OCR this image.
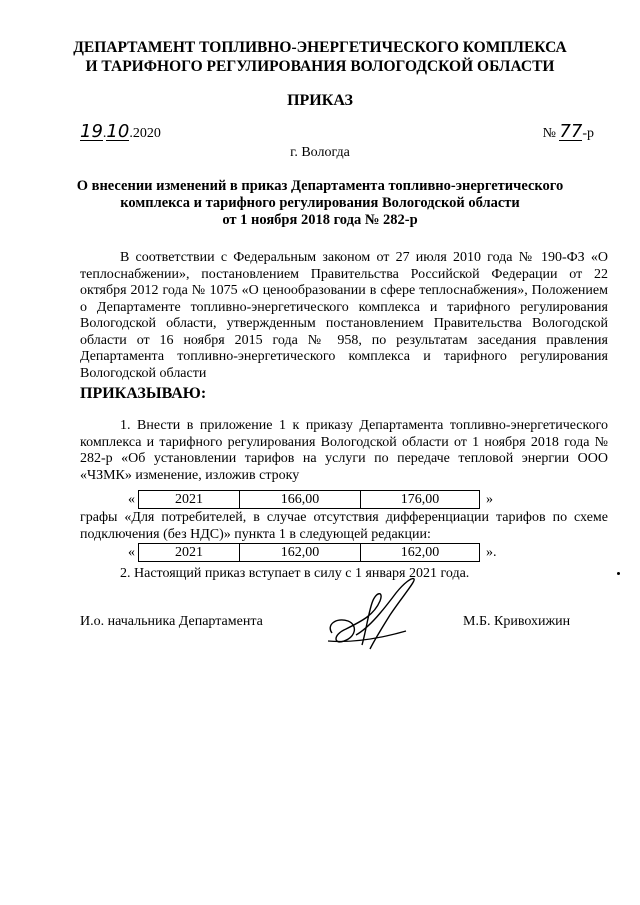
ДЕПАРТАМЕНТ ТОПЛИВНО-ЭНЕРГЕТИЧЕСКОГО КОМПЛЕКСА
И ТАРИФНОГО РЕГУЛИРОВАНИЯ ВОЛОГОДСКОЙ ОБЛАСТИ
ПРИКАЗ
19.10.2020	№ 77-р
г. Вологда
О внесении изменений в приказ Департамента топливно-энергетического
комплекса и тарифного регулирования Вологодской области
от 1 ноября 2018 года № 282-р
В соответствии с Федеральным законом от 27 июля 2010 года № 190-ФЗ «О теплоснабжении», постановлением Правительства Российской Федерации от 22 октября 2012 года № 1075 «О ценообразовании в сфере теплоснабжения», Положением о Департаменте топливно-энергетического комплекса и тарифного регулирования Вологодской области, утвержденным постановлением Правительства Вологодской области от 16 ноября 2015 года № 958, по результатам заседания правления Департамента топливно-энергетического комплекса и тарифного регулирования Вологодской области
ПРИКАЗЫВАЮ:
1. Внести в приложение 1 к приказу Департамента топливно-энергетического комплекса и тарифного регулирования Вологодской области от 1 ноября 2018 года № 282-р «Об установлении тарифов на услуги по передаче тепловой энергии ООО «ЧЗМК» изменение, изложив строку
«	2021	166,00	176,00	»
графы «Для потребителей, в случае отсутствия дифференциации тарифов по схеме подключения (без НДС)» пункта 1 в следующей редакции:
«	2021	162,00	162,00	».
2. Настоящий приказ вступает в силу с 1 января 2021 года.
И.о. начальника Департамента	М.Б. Кривохижин
